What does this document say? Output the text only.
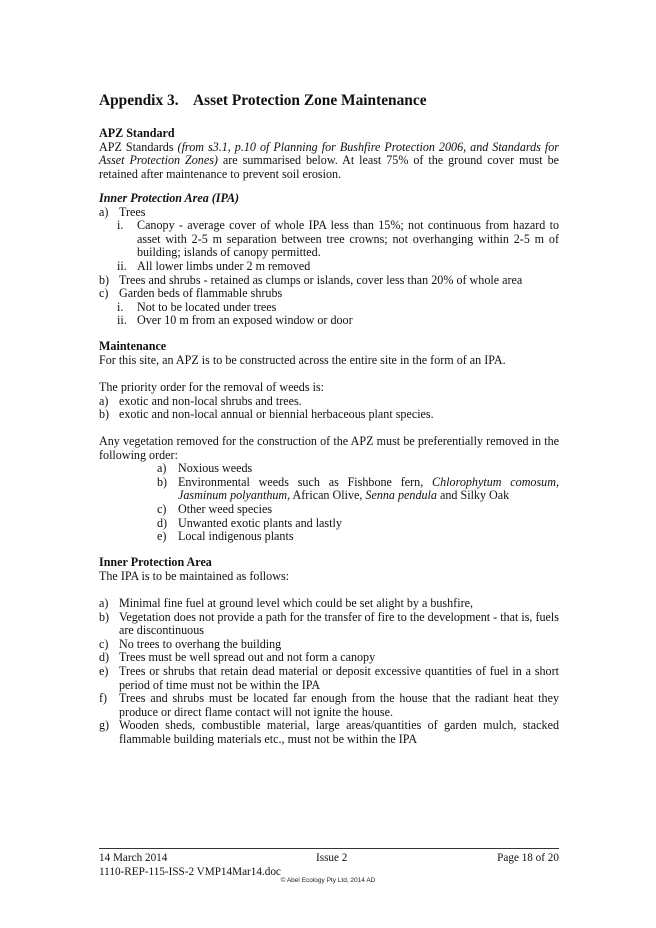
Appendix 3. Asset Protection Zone Maintenance
APZ Standard

APZ Standards (from s3.1, p.10 of Planning for Bushfire Protection 2006, and Standards for Asset Protection Zones) are summarised below. At least 75% of the ground cover must be retained after maintenance to prevent soil erosion.

Inner Protection Area (IPA)
a) Trees
i. Canopy - average cover of whole IPA less than 15%; not continuous from hazard to asset with 2-5 m separation between tree crowns; not overhanging within 2-5 m of building; islands of canopy permitted.
ii. All lower limbs under 2 m removed
b) Trees and shrubs - retained as clumps or islands, cover less than 20% of whole area
c) Garden beds of flammable shrubs
i. Not to be located under trees
ii. Over 10 m from an exposed window or door
Maintenance

For this site, an APZ is to be constructed across the entire site in the form of an IPA.

The priority order for the removal of weeds is:

a) exotic and non-local shrubs and trees.
b) exotic and non-local annual or biennial herbaceous plant species.

Any vegetation removed for the construction of the APZ must be preferentially removed in the following order:

a) Noxious weeds
b) Environmental weeds such as Fishbone fern, Chlorophytum comosum, Jasminum polyanthum, African Olive, Senna pendula and Silky Oak
c) Other weed species
d) Unwanted exotic plants and lastly
e) Local indigenous plants
Inner Protection Area

The IPA is to be maintained as follows:

a) Minimal fine fuel at ground level which could be set alight by a bushfire,
b) Vegetation does not provide a path for the transfer of fire to the development - that is, fuels are discontinuous
c) No trees to overhang the building
d) Trees must be well spread out and not form a canopy
e) Trees or shrubs that retain dead material or deposit excessive quantities of fuel in a short period of time must not be within the IPA
f) Trees and shrubs must be located far enough from the house that the radiant heat they produce or direct flame contact will not ignite the house.
g) Wooden sheds, combustible material, large areas/quantities of garden mulch, stacked flammable building materials etc., must not be within the IPA
14 March 2014	Issue 2	Page 18 of 20
1110-REP-115-ISS-2 VMP14Mar14.doc
© Abel Ecology Pty Ltd, 2014 AD
